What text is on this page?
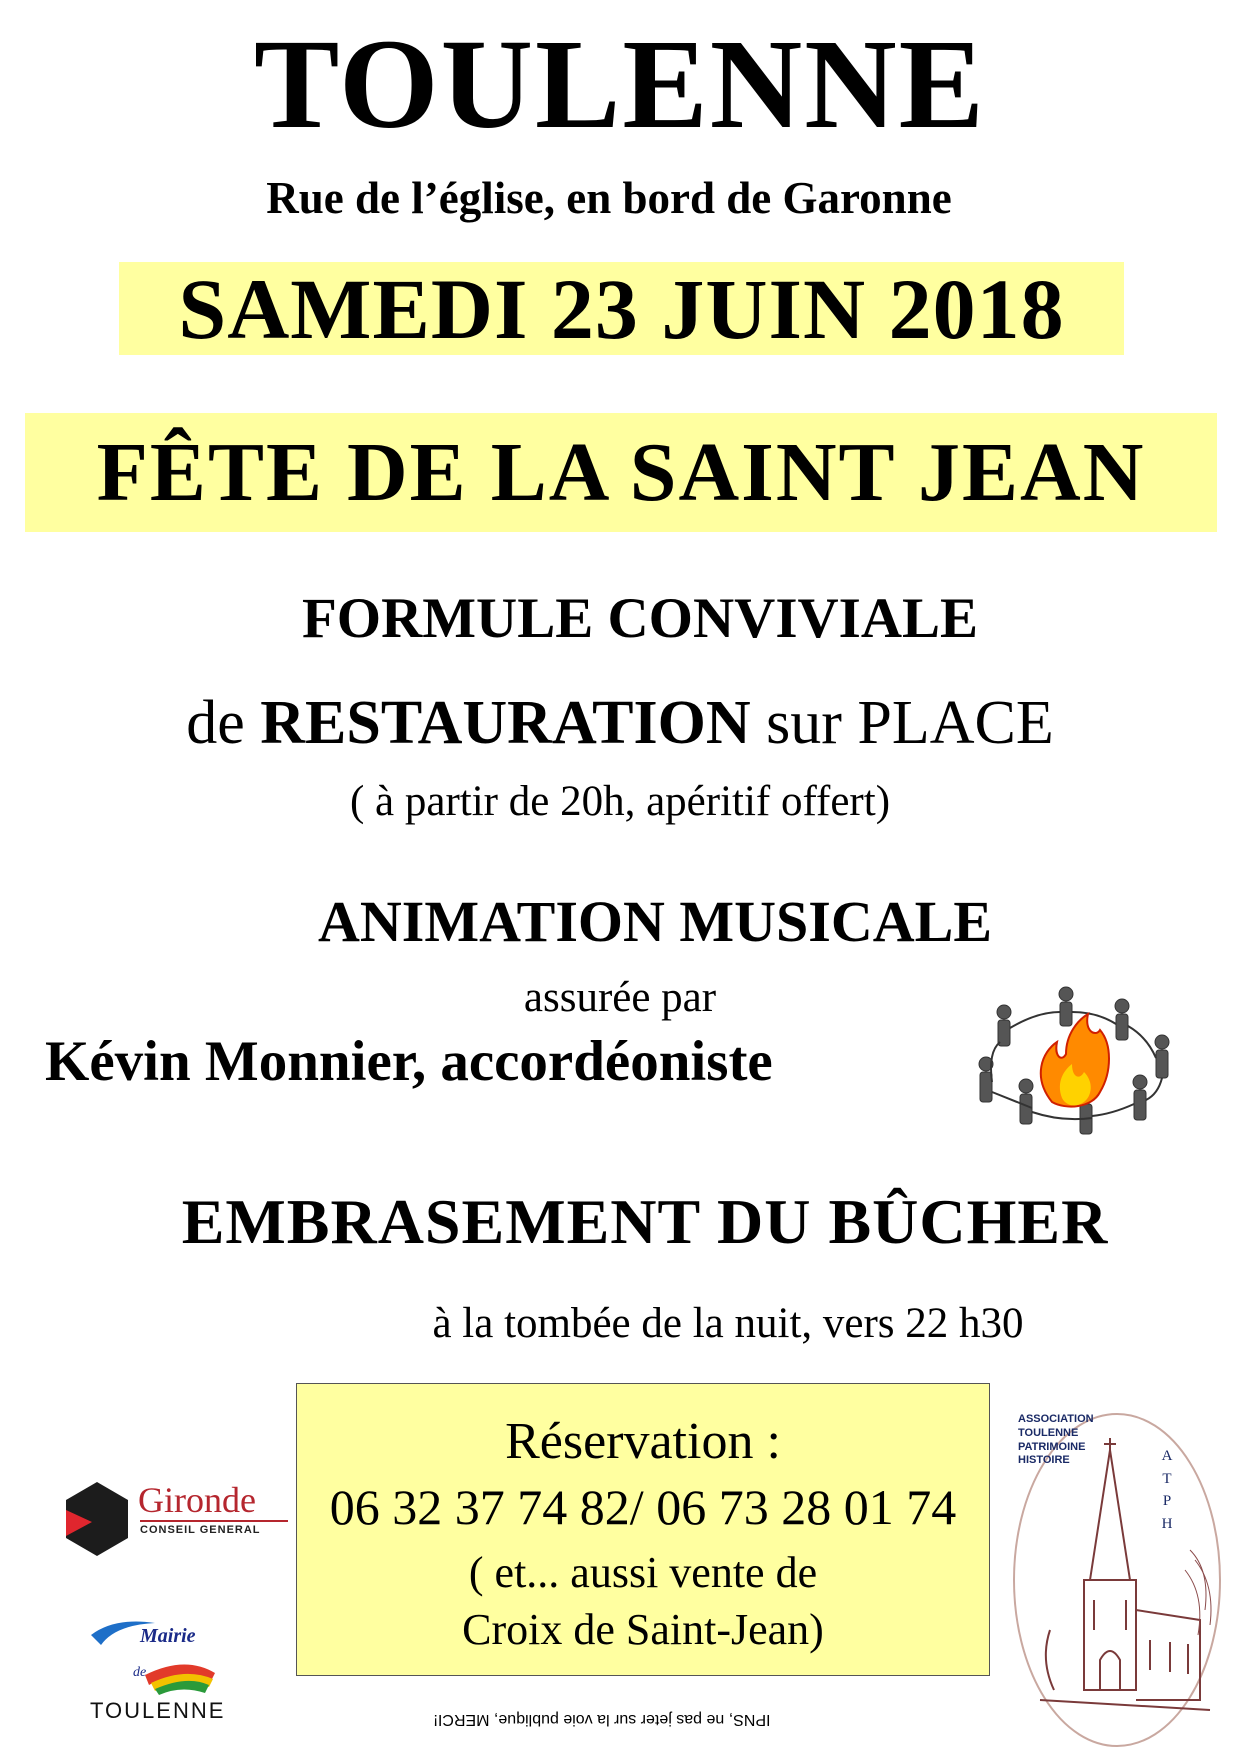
TOULENNE
Rue de l’église, en bord de Garonne
SAMEDI 23 JUIN 2018
FÊTE DE LA SAINT JEAN
FORMULE CONVIVIALE
de RESTAURATION sur PLACE
( à partir de 20h, apéritif offert)
ANIMATION MUSICALE
assurée par
Kévin Monnier, accordéoniste
EMBRASEMENT DU BÛCHER
à la tombée de la nuit, vers 22 h30
Réservation :
06 32 37 74 82/ 06 73 28 01 74
( et... aussi vente de
Croix de Saint-Jean)
Gironde
CONSEIL GENERAL
Mairie
de
TOULENNE
ASSOCIATION TOULENNE PATRIMOINE HISTOIRE	ATPH
IPNS, ne pas jeter sur la voie publique, MERCI!
